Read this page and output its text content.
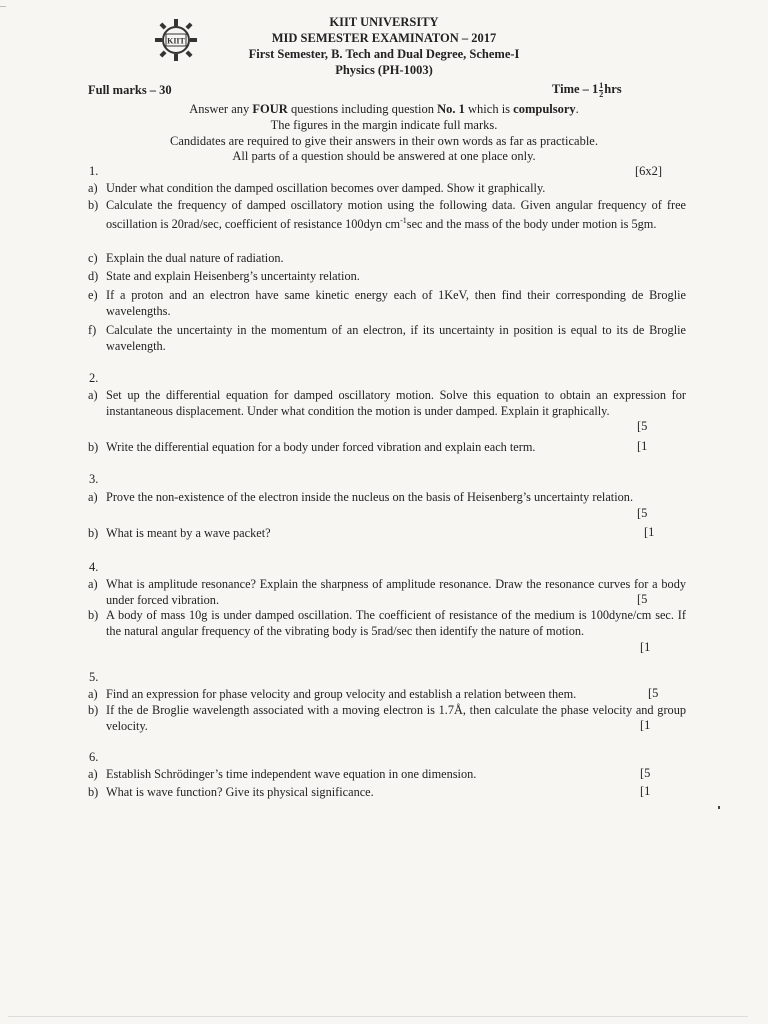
KIIT
KIIT UNIVERSITY
MID SEMESTER EXAMINATON – 2017
First Semester, B. Tech and Dual Degree, Scheme-I
Physics (PH-1003)
Full marks – 30	Time – $1 \frac{1}{2}$ hrs
Answer any FOUR questions including question No. 1 which is compulsory.
The figures in the margin indicate full marks.
Candidates are required to give their answers in their own words as far as practicable.
All parts of a question should be answered at one place only.
1.	[6x2]
a) Under what condition the damped oscillation becomes over damped. Show it graphically.
b) Calculate the frequency of damped oscillatory motion using the following data. Given angular frequency of free oscillation is 20rad/sec, coefficient of resistance 100dyn $cm^{-1}\sec$ and the mass of the body under motion is 5gm.
c) Explain the dual nature of radiation.
d) State and explain Heisenberg’s uncertainty relation.
e) If a proton and an electron have same kinetic energy each of 1KeV, then find their corresponding de Broglie wavelengths.
f) Calculate the uncertainty in the momentum of an electron, if its uncertainty in position is equal to its de Broglie wavelength.
2.
a) Set up the differential equation for damped oscillatory motion. Solve this equation to obtain an expression for instantaneous displacement. Under what condition the motion is under damped. Explain it graphically.
[5
b) Write the differential equation for a body under forced vibration and explain each term.	[1
3.
a) Prove the non-existence of the electron inside the nucleus on the basis of Heisenberg’s uncertainty relation.
[5
b) What is meant by a wave packet?	[1
4.
a) What is amplitude resonance? Explain the sharpness of amplitude resonance. Draw the resonance curves for a body under forced vibration.	[5
b) A body of mass 10g is under damped oscillation. The coefficient of resistance of the medium is 100dyne/cm sec. If the natural angular frequency of the vibrating body is 5rad/sec then identify the nature of motion.
[1
5.
a) Find an expression for phase velocity and group velocity and establish a relation between them.	[5
b) If the de Broglie wavelength associated with a moving electron is 1.7Å, then calculate the phase velocity and group velocity.	[1
6.
a) Establish Schrödinger’s time independent wave equation in one dimension.	[5
b) What is wave function? Give its physical significance.	[1
